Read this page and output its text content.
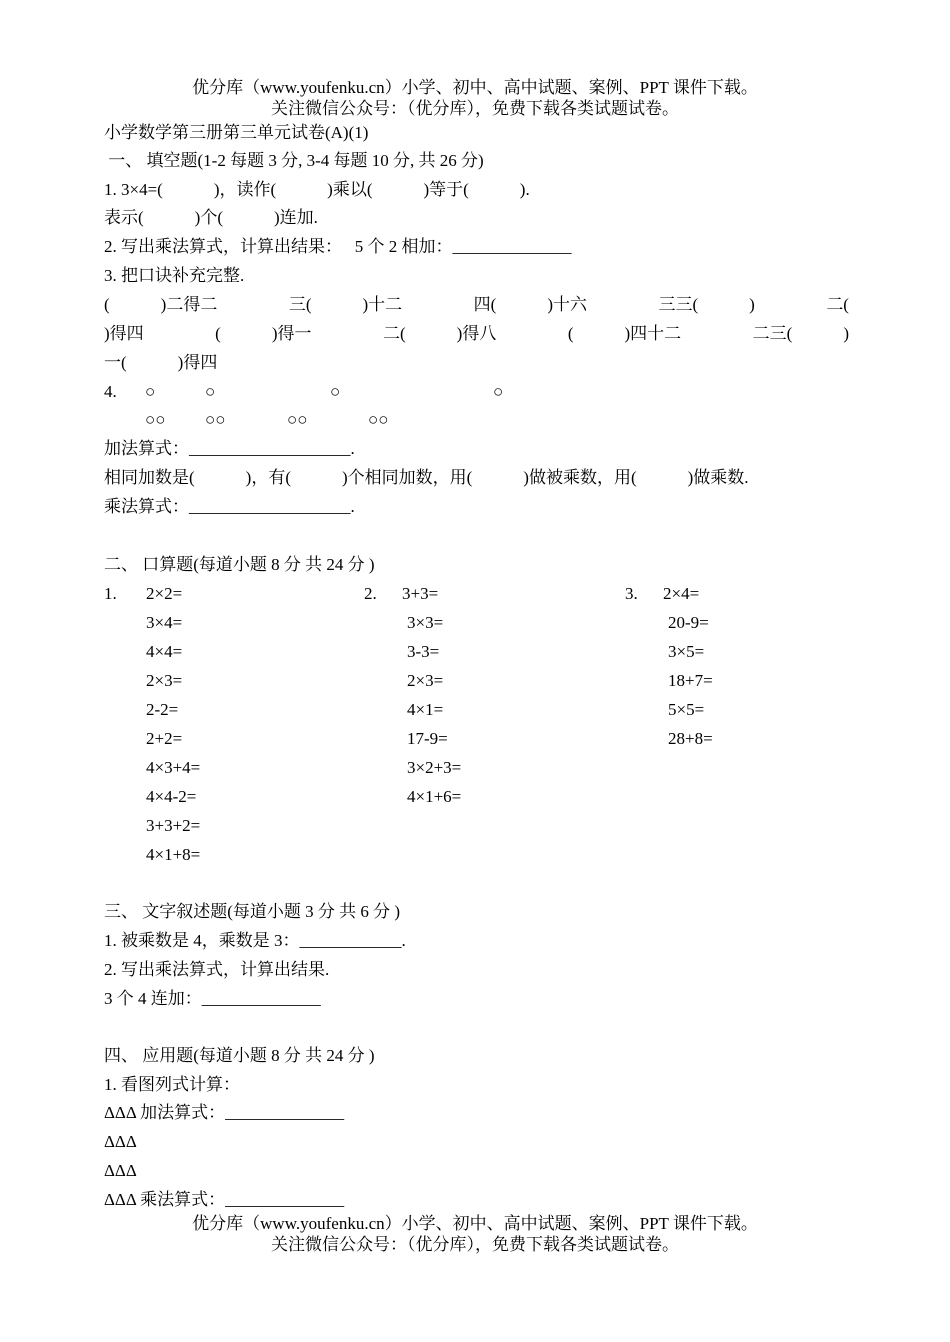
优分库（www.youfenku.cn）小学、初中、高中试题、案例、PPT 课件下载。
关注微信公众号：（优分库），免费下载各类试题试卷。
小学数学第三册第三单元试卷(A)(1)
一、 填空题(1-2 每题 3 分, 3-4 每题 10 分, 共 26 分)
1. 3×4=(            )，读作(            )乘以(            )等于(            ).
表示(            )个(            )连加.
2. 写出乘法算式，计算出结果：   5 个 2 相加：______________
3. 把口诀补充完整.
(            )二得二	三(            )十二	四(            )十六	三三(            )	二(
)得四	(            )得一	二(            )得八	(            )四十二	二三(            )
一(            )得四
4. ○	○	○	○
○○ ○○	○○	○○
加法算式：___________________.
相同加数是(            )，有(            )个相同加数，用(            )做被乘数，用(            )做乘数.
乘法算式：___________________.
二、 口算题(每道小题 8 分 共 24 分 )
1. 2×2=
3×4=
4×4=
2×3=
2-2=
2+2=
4×3+4=
4×4-2=
3+3+2=
4×1+8=
2. 3+3=
3×3=
3-3=
2×3=
4×1=
17-9=
3×2+3=
4×1+6=
3. 2×4=
20-9=
3×5=
18+7=
5×5=
28+8=
三、 文字叙述题(每道小题 3 分 共 6 分 )
1. 被乘数是 4，乘数是 3：____________.
2. 写出乘法算式，计算出结果.
3 个 4 连加：______________
四、 应用题(每道小题 8 分 共 24 分 )
1. 看图列式计算：
ΔΔΔ 加法算式：______________
ΔΔΔ
ΔΔΔ
ΔΔΔ 乘法算式：______________
优分库（www.youfenku.cn）小学、初中、高中试题、案例、PPT 课件下载。
关注微信公众号：（优分库），免费下载各类试题试卷。
